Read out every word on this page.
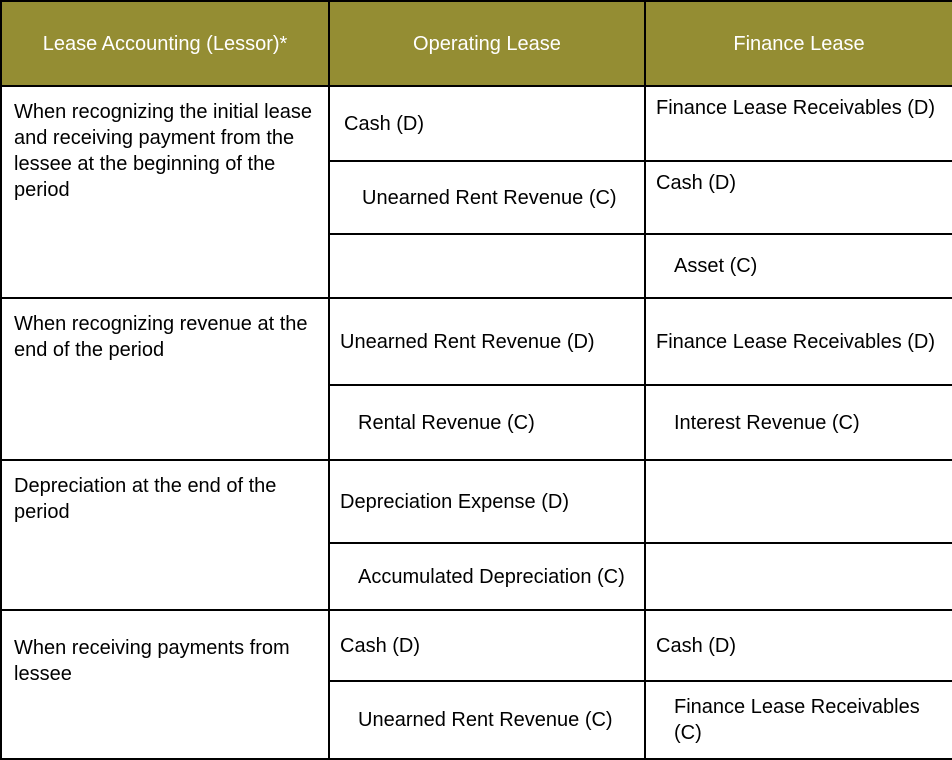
Lease Accounting (Lessor)*	Operating Lease	Finance Lease
When recognizing the initial lease and receiving payment from the lessee at the beginning of the period	Cash (D)	Finance Lease Receivables (D)
	Unearned Rent Revenue (C)	Cash (D)
		Asset (C)
When recognizing revenue at the end of the period	Unearned Rent Revenue (D)	Finance Lease Receivables (D)
	Rental Revenue (C)	Interest Revenue (C)
Depreciation at the end of the period	Depreciation Expense (D)	
	Accumulated Depreciation (C)	
When receiving payments from lessee	Cash (D)	Cash (D)
	Unearned Rent Revenue (C)	Finance Lease Receivables (C)
